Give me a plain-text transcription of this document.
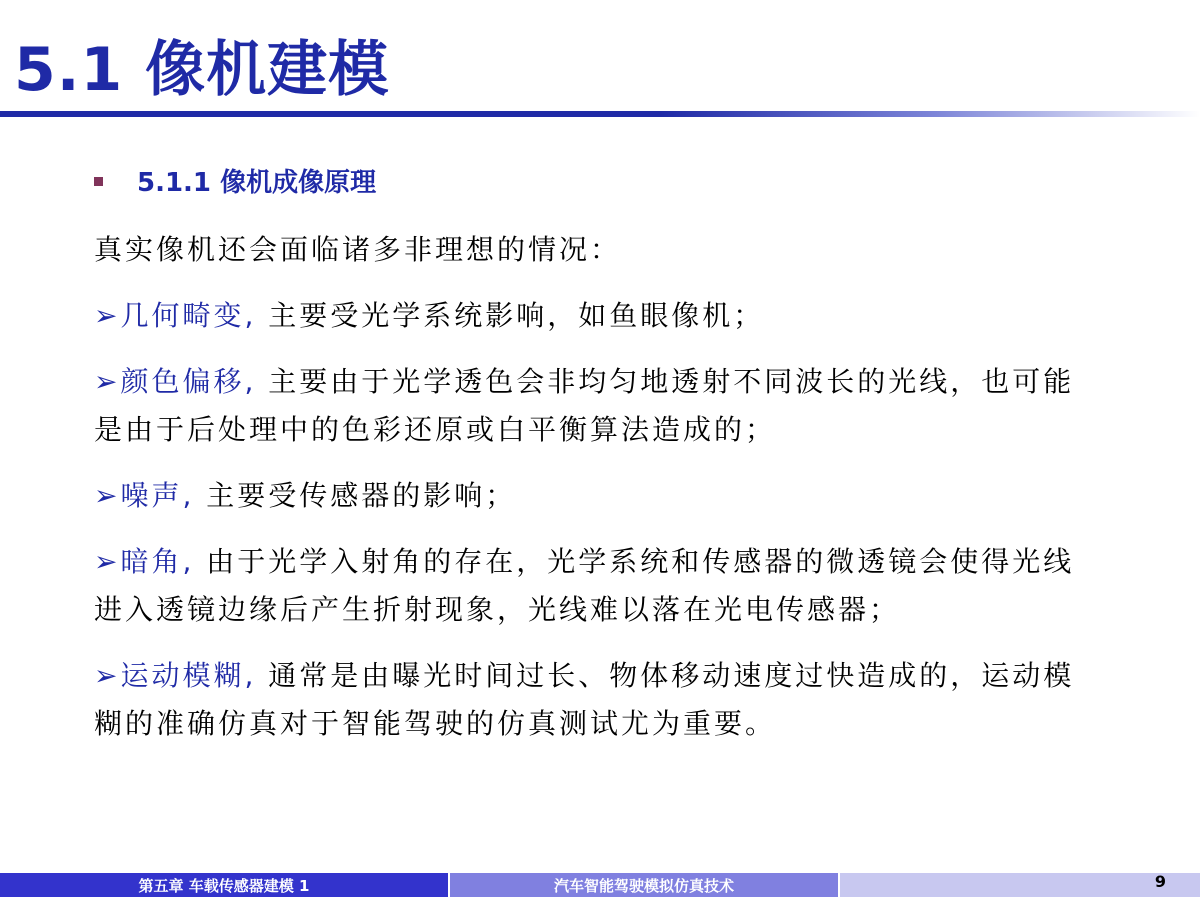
5.1 像机建模
5.1.1 像机成像原理

真实像机还会面临诸多非理想的情况：

➢几何畸变, 主要受光学系统影响，如鱼眼像机；

➢颜色偏移, 主要由于光学透色会非均匀地透射不同波长的光线，也可能是由于后处理中的色彩还原或白平衡算法造成的；

➢噪声, 主要受传感器的影响；

➢暗角, 由于光学入射角的存在，光学系统和传感器的微透镜会使得光线进入透镜边缘后产生折射现象，光线难以落在光电传感器；

➢运动模糊, 通常是由曝光时间过长、物体移动速度过快造成的，运动模糊的准确仿真对于智能驾驶的仿真测试尤为重要。

第五章 车载传感器建模 1	汽车智能驾驶模拟仿真技术	9
